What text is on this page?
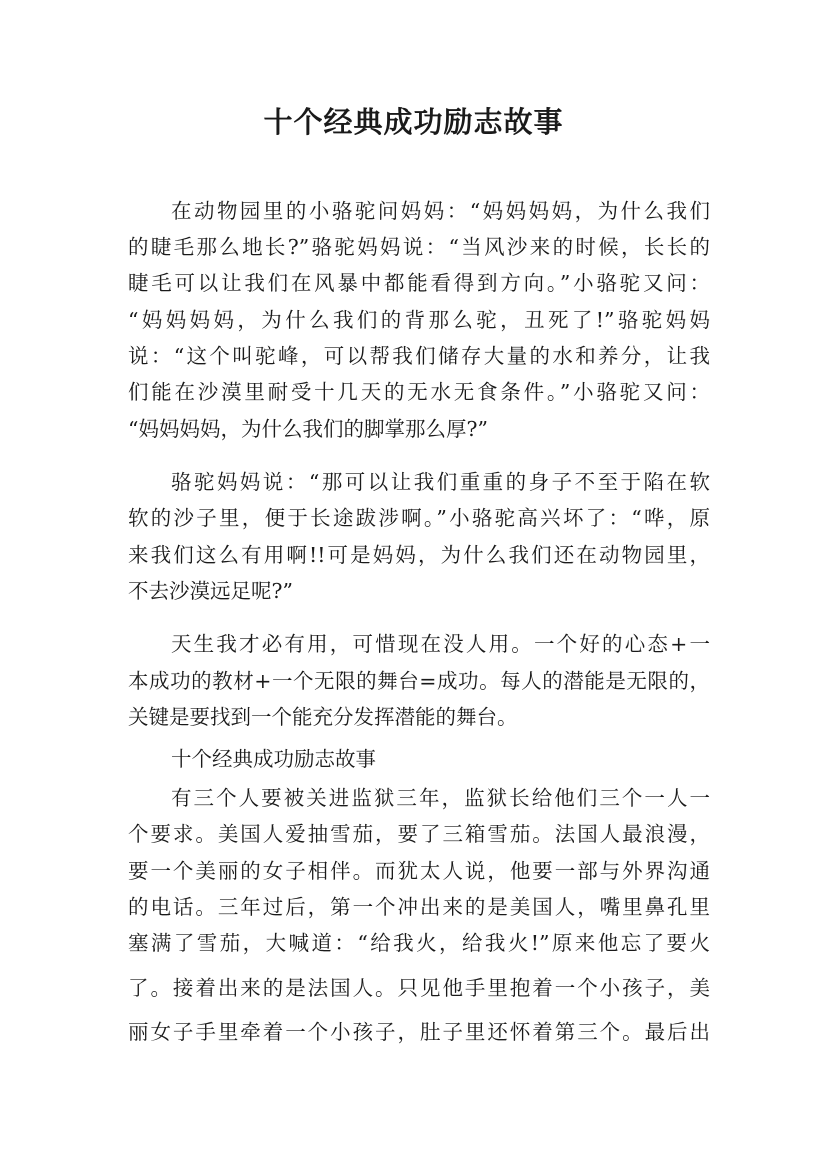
十个经典成功励志故事
在动物园里的小骆驼问妈妈：“妈妈妈妈，为什么我们
的睫毛那么地长?”骆驼妈妈说：“当风沙来的时候，长长的
睫毛可以让我们在风暴中都能看得到方向。”小骆驼又问：
“妈妈妈妈，为什么我们的背那么驼，丑死了!”骆驼妈妈
说：“这个叫驼峰，可以帮我们储存大量的水和养分，让我
们能在沙漠里耐受十几天的无水无食条件。”小骆驼又问：
“妈妈妈妈，为什么我们的脚掌那么厚?”
骆驼妈妈说：“那可以让我们重重的身子不至于陷在软
软的沙子里，便于长途跋涉啊。”小骆驼高兴坏了：“哗，原
来我们这么有用啊!!可是妈妈，为什么我们还在动物园里，
不去沙漠远足呢?”
天生我才必有用，可惜现在没人用。一个好的心态+一
本成功的教材+一个无限的舞台=成功。每人的潜能是无限的，
关键是要找到一个能充分发挥潜能的舞台。
十个经典成功励志故事
有三个人要被关进监狱三年，监狱长给他们三个一人一
个要求。美国人爱抽雪茄，要了三箱雪茄。法国人最浪漫，
要一个美丽的女子相伴。而犹太人说，他要一部与外界沟通
的电话。三年过后，第一个冲出来的是美国人，嘴里鼻孔里
塞满了雪茄，大喊道：“给我火，给我火!”原来他忘了要火
了。接着出来的是法国人。只见他手里抱着一个小孩子，美
丽女子手里牵着一个小孩子，肚子里还怀着第三个。最后出
